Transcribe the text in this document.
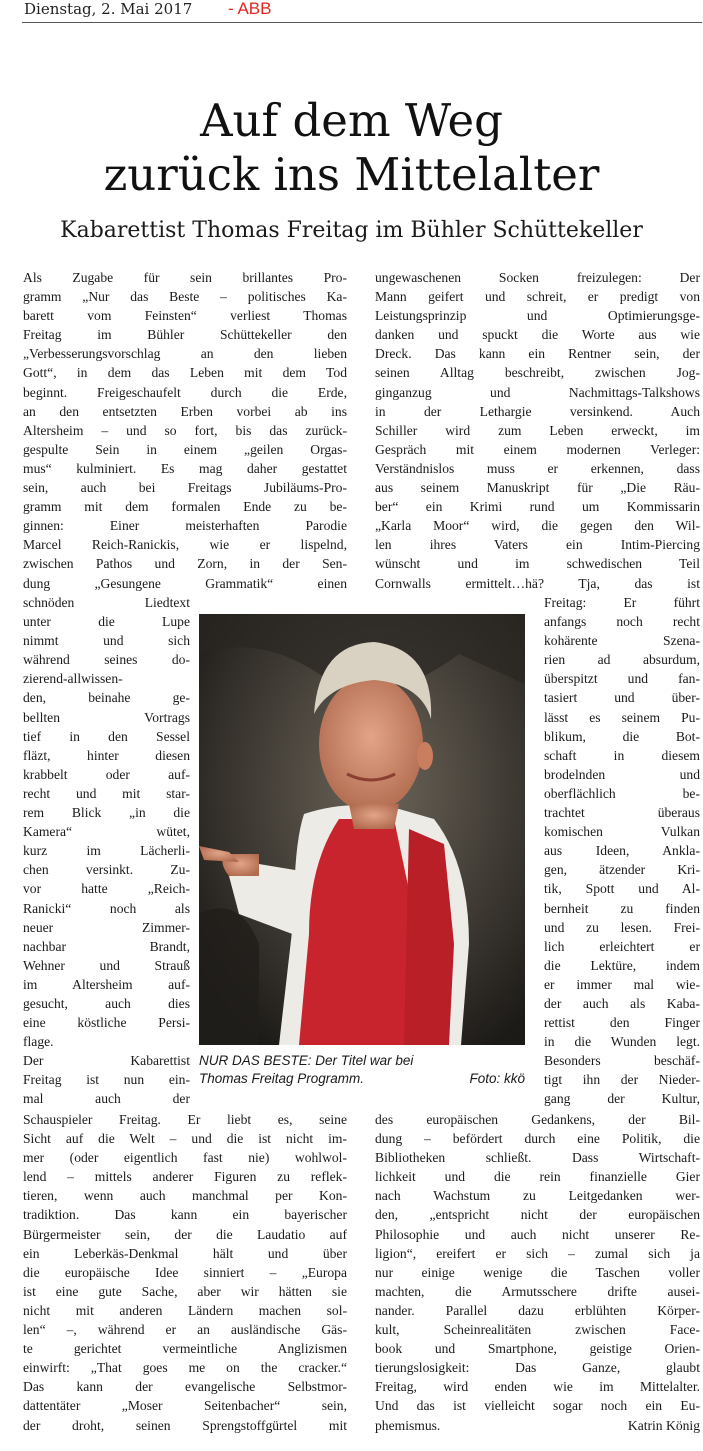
Dienstag, 2. Mai 2017 - ABB
Auf dem Weg
zurück ins Mittelalter
Kabarettist Thomas Freitag im Bühler Schüttekeller
Als Zugabe für sein brillantes Pro-
gramm „Nur das Beste – politisches Ka-
barett vom Feinsten“ verliest Thomas
Freitag im Bühler Schüttekeller den
„Verbesserungsvorschlag an den lieben
Gott“, in dem das Leben mit dem Tod
beginnt. Freigeschaufelt durch die Erde,
an den entsetzten Erben vorbei ab ins
Altersheim – und so fort, bis das zurück-
gespulte Sein in einem „geilen Orgas-
mus“ kulminiert. Es mag daher gestattet
sein, auch bei Freitags Jubiläums-Pro-
gramm mit dem formalen Ende zu be-
ginnen: Einer meisterhaften Parodie
Marcel Reich-Ranickis, wie er lispelnd,
zwischen Pathos und Zorn, in der Sen-
dung „Gesungene Grammatik“ einen
schnöden Liedtext
unter die Lupe
nimmt und sich
während seines do-
zierend-allwissen-
den, beinahe ge-
bellten Vortrags
tief in den Sessel
fläzt, hinter diesen
krabbelt oder auf-
recht und mit star-
rem Blick „in die
Kamera“ wütet,
kurz im Lächerli-
chen versinkt. Zu-
vor hatte „Reich-
Ranicki“ noch als
neuer Zimmer-
nachbar Brandt,
Wehner und Strauß
im Altersheim auf-
gesucht, auch dies
eine köstliche Persi-
flage.
Der Kabarettist
Freitag ist nun ein-
mal auch der
Schauspieler Freitag. Er liebt es, seine
Sicht auf die Welt – und die ist nicht im-
mer (oder eigentlich fast nie) wohlwol-
lend – mittels anderer Figuren zu reflek-
tieren, wenn auch manchmal per Kon-
tradiktion. Das kann ein bayerischer
Bürgermeister sein, der die Laudatio auf
ein Leberkäs-Denkmal hält und über
die europäische Idee sinniert – „Europa
ist eine gute Sache, aber wir hätten sie
nicht mit anderen Ländern machen sol-
len“ –, während er an ausländische Gäs-
te gerichtet vermeintliche Anglizismen
einwirft: „That goes me on the cracker.“
Das kann der evangelische Selbstmor-
dattentäter „Moser Seitenbacher“ sein,
der droht, seinen Sprengstoffgürtel mit
ungewaschenen Socken freizulegen: Der
Mann geifert und schreit, er predigt von
Leistungsprinzip und Optimierungsge-
danken und spuckt die Worte aus wie
Dreck. Das kann ein Rentner sein, der
seinen Alltag beschreibt, zwischen Jog-
ginganzug und Nachmittags-Talkshows
in der Lethargie versinkend. Auch
Schiller wird zum Leben erweckt, im
Gespräch mit einem modernen Verleger:
Verständnislos muss er erkennen, dass
aus seinem Manuskript für „Die Räu-
ber“ ein Krimi rund um Kommissarin
„Karla Moor“ wird, die gegen den Wil-
len ihres Vaters ein Intim-Piercing
wünscht und im schwedischen Teil
Cornwalls ermittelt…hä? Tja, das ist
Freitag: Er führt
anfangs noch recht
kohärente Szena-
rien ad absurdum,
überspitzt und fan-
tasiert und über-
lässt es seinem Pu-
blikum, die Bot-
schaft in diesem
brodelnden und
oberflächlich be-
trachtet überaus
komischen Vulkan
aus Ideen, Ankla-
gen, ätzender Kri-
tik, Spott und Al-
bernheit zu finden
und zu lesen. Frei-
lich erleichtert er
die Lektüre, indem
er immer mal wie-
der auch als Kaba-
rettist den Finger
in die Wunden legt.
Besonders beschäf-
tigt ihn der Nieder-
gang der Kultur,
des europäischen Gedankens, der Bil-
dung – befördert durch eine Politik, die
Bibliotheken schließt. Dass Wirtschaft-
lichkeit und die rein finanzielle Gier
nach Wachstum zu Leitgedanken wer-
den, „entspricht nicht der europäischen
Philosophie und auch nicht unserer Re-
ligion“, ereifert er sich – zumal sich ja
nur einige wenige die Taschen voller
machten, die Armutsschere drifte ausei-
nander. Parallel dazu erblühten Körper-
kult, Scheinrealitäten zwischen Face-
book und Smartphone, geistige Orien-
tierungslosigkeit: Das Ganze, glaubt
Freitag, wird enden wie im Mittelalter.
Und das ist vielleicht sogar noch ein Eu-
phemismus.	Katrin König
NUR DAS BESTE: Der Titel war bei
Thomas Freitag Programm.	Foto: kkö
